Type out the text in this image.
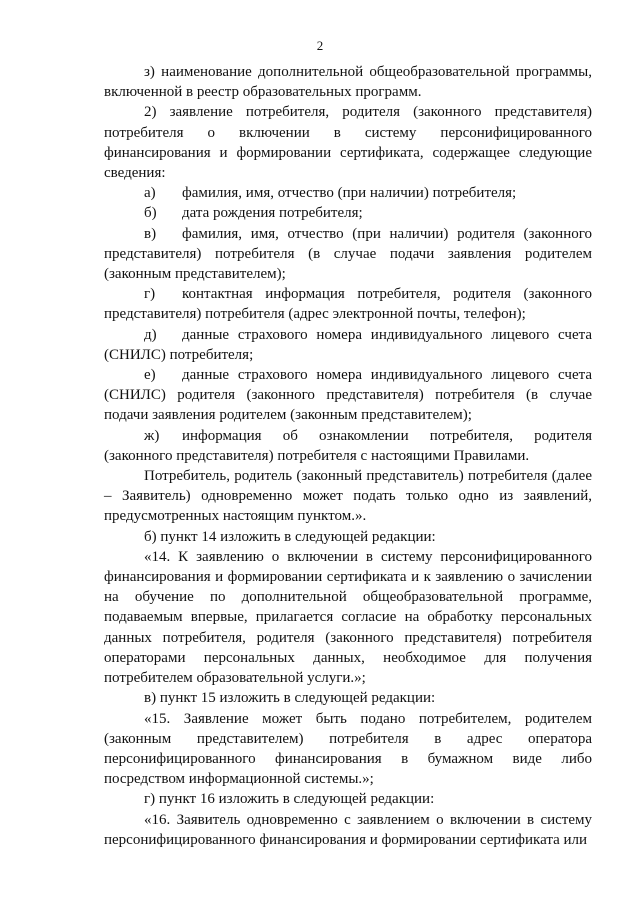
2

з) наименование дополнительной общеобразовательной программы, включенной в реестр образовательных программ.

2) заявление потребителя, родителя (законного представителя) потребителя о включении в систему персонифицированного финансирования и формировании сертификата, содержащее следующие сведения:

а) фамилия, имя, отчество (при наличии) потребителя;

б) дата рождения потребителя;

в) фамилия, имя, отчество (при наличии) родителя (законного представителя) потребителя (в случае подачи заявления родителем (законным представителем);

г) контактная информация потребителя, родителя (законного представителя) потребителя (адрес электронной почты, телефон);

д) данные страхового номера индивидуального лицевого счета (СНИЛС) потребителя;

е) данные страхового номера индивидуального лицевого счета (СНИЛС) родителя (законного представителя) потребителя (в случае подачи заявления родителем (законным представителем);

ж) информация об ознакомлении потребителя, родителя (законного представителя) потребителя с настоящими Правилами.

Потребитель, родитель (законный представитель) потребителя (далее – Заявитель) одновременно может подать только одно из заявлений, предусмотренных настоящим пунктом.».

б) пункт 14 изложить в следующей редакции:

«14. К заявлению о включении в систему персонифицированного финансирования и формировании сертификата и к заявлению о зачислении на обучение по дополнительной общеобразовательной программе, подаваемым впервые, прилагается согласие на обработку персональных данных потребителя, родителя (законного представителя) потребителя операторами персональных данных, необходимое для получения потребителем образовательной услуги.»;

в) пункт 15 изложить в следующей редакции:

«15. Заявление может быть подано потребителем, родителем (законным представителем) потребителя в адрес оператора персонифицированного финансирования в бумажном виде либо посредством информационной системы.»;

г) пункт 16 изложить в следующей редакции:

«16. Заявитель одновременно с заявлением о включении в систему персонифицированного финансирования и формировании сертификата или
